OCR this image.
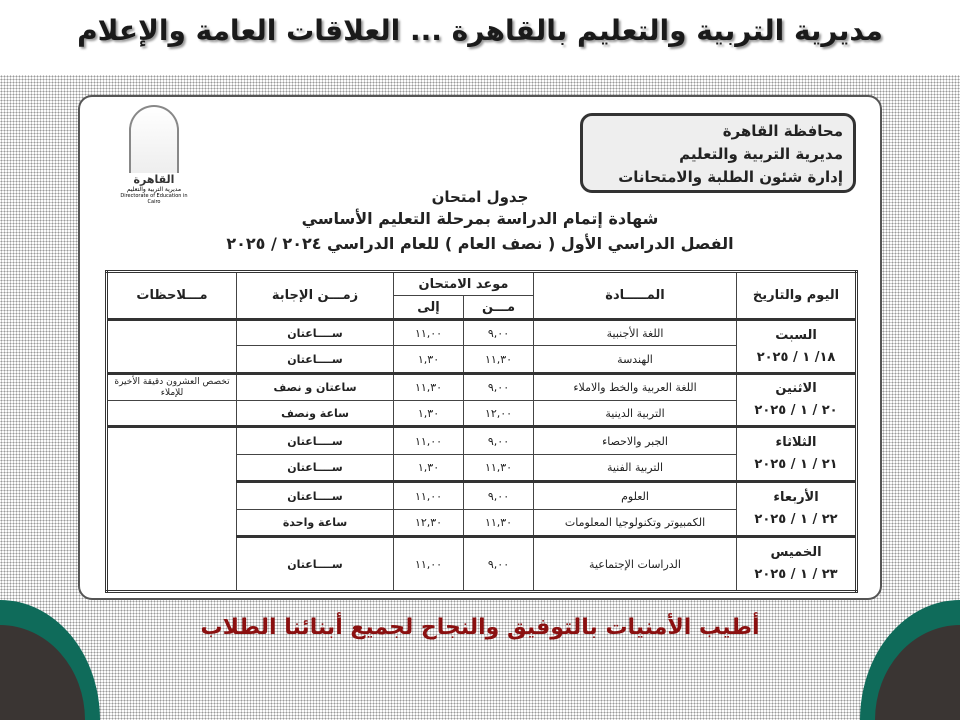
مديرية التربية والتعليم بالقاهرة ... العلاقات العامة والإعلام
محافظة القاهرة
مديرية التربية والتعليم
إدارة شئون الطلبة والامتحانات
القاهرة
مديرية التربية والتعليم
Directorate of Education in Cairo	جدول امتحان
شهادة إتمام الدراسة بمرحلة التعليم الأساسي
الفصل الدراسي الأول ( نصف العام ) للعام الدراسي ٢٠٢٤ / ٢٠٢٥
اليوم والتاريخ	المـــــادة	موعد الامتحان		زمـــن الإجابة	مـــلاحظات
		مـــن	إلى		

السبت
١٨/ ١ / ٢٠٢٥	اللغة الأجنبية	٩,٠٠	١١,٠٠	ســــاعتان	
	الهندسة	١١,٣٠	١,٣٠	ســــاعتان	

الاثنين
٢٠ / ١ / ٢٠٢٥	اللغة العربية والخط والاملاء	٩,٠٠	١١,٣٠	ساعتان و نصف	تخصص العشرون دقيقة الأخيرة للإملاء
	التربية الدينية	١٢,٠٠	١,٣٠	ساعة ونصف	

الثلاثاء
٢١ / ١ / ٢٠٢٥	الجبر والاحصاء	٩,٠٠	١١,٠٠	ســــاعتان	
	التربية الفنية	١١,٣٠	١,٣٠	ســــاعتان	

الأربعاء
٢٢ / ١ / ٢٠٢٥	العلوم	٩,٠٠	١١,٠٠	ســــاعتان	
	الكمبيوتر وتكنولوجيا المعلومات	١١,٣٠	١٢,٣٠	ساعة واحدة	

الخميس
٢٣ / ١ / ٢٠٢٥	الدراسات الإجتماعية	٩,٠٠	١١,٠٠	ســــاعتان	
أطيب الأمنيات بالتوفيق والنجاح لجميع أبنائنا الطلاب
